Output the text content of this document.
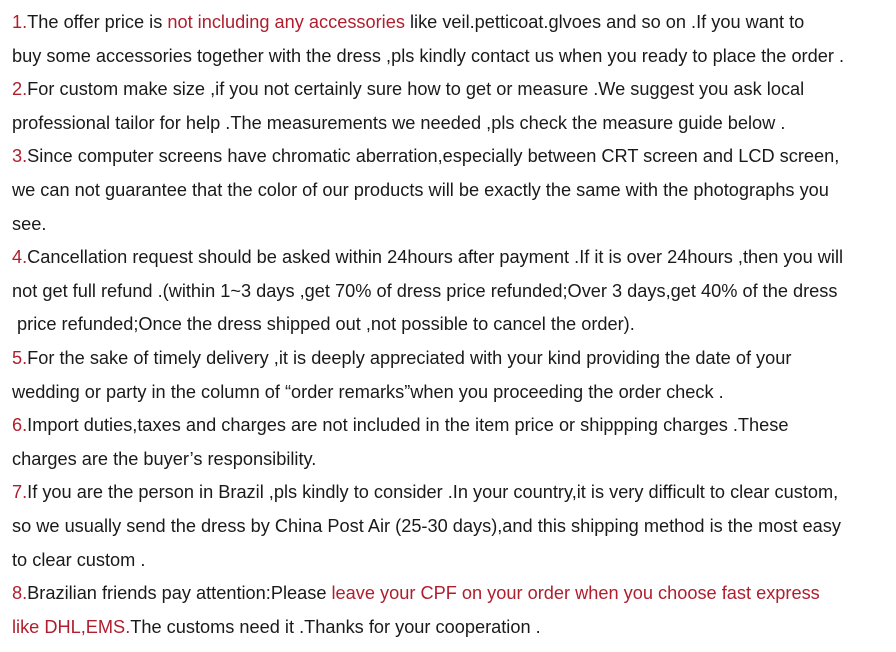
1.The offer price is not including any accessories like veil.petticoat.glvoes and so on .If you want to
buy some accessories together with the dress ,pls kindly contact us when you ready to place the order .
2.For custom make size ,if you not certainly sure how to get or measure .We suggest you ask local
professional tailor for help .The measurements we needed ,pls check the measure guide below .
3.Since computer screens have chromatic aberration,especially between CRT screen and LCD screen,
we can not guarantee that the color of our products will be exactly the same with the photographs you
see.
4.Cancellation request should be asked within 24hours after payment .If it is over 24hours ,then you will
not get full refund .(within 1~3 days ,get 70% of dress price refunded;Over 3 days,get 40% of the dress
price refunded;Once the dress shipped out ,not possible to cancel the order).
5.For the sake of timely delivery ,it is deeply appreciated with your kind providing the date of your
wedding or party in the column of “order remarks”when you proceeding the order check .
6.Import duties,taxes and charges are not included in the item price or shippping charges .These
charges are the buyer’s responsibility.
7.If you are the person in Brazil ,pls kindly to consider .In your country,it is very difficult to clear custom,
so we usually send the dress by China Post Air (25-30 days),and this shipping method is the most easy
to clear custom .
8.Brazilian friends pay attention:Please leave your CPF on your order when you choose fast express
like DHL,EMS.The customs need it .Thanks for your cooperation .
